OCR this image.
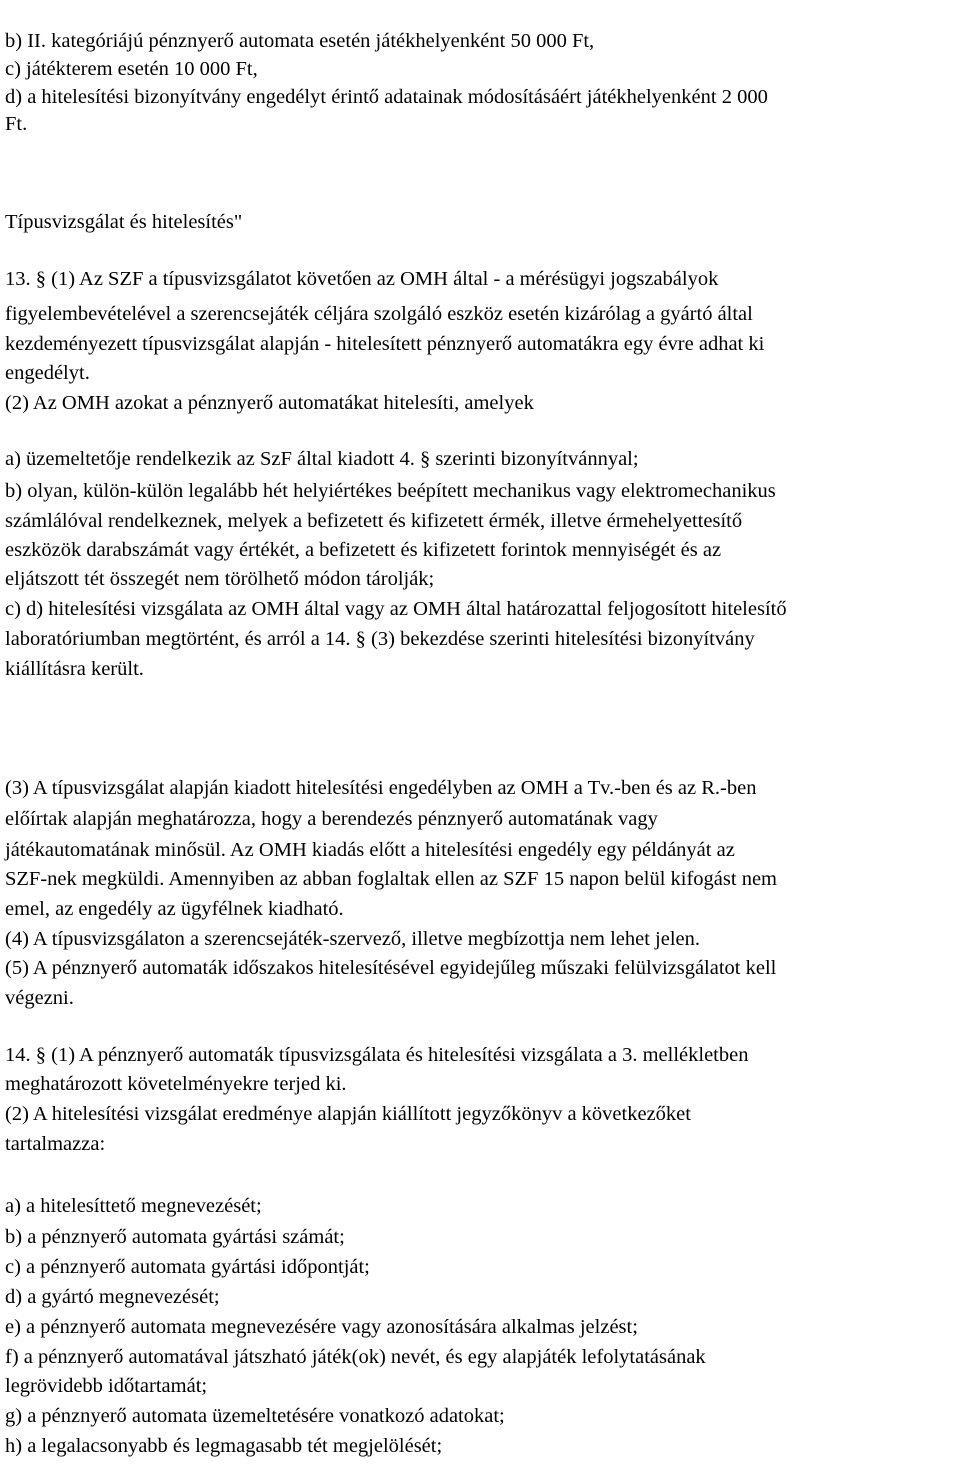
b) II. kategóriájú pénznyerő automata esetén játékhelyenként 50 000 Ft,
c) játékterem esetén 10 000 Ft,
d) a hitelesítési bizonyítvány engedélyt érintő adatainak módosításáért játékhelyenként 2 000
Ft.
Típusvizsgálat és hitelesítés"
13. § (1) Az SZF a típusvizsgálatot követően az OMH által - a mérésügyi jogszabályok
figyelembevételével a szerencsejáték céljára szolgáló eszköz esetén kizárólag a gyártó által
kezdeményezett típusvizsgálat alapján - hitelesített pénznyerő automatákra egy évre adhat ki
engedélyt.
(2) Az OMH azokat a pénznyerő automatákat hitelesíti, amelyek
a) üzemeltetője rendelkezik az SzF által kiadott 4. § szerinti bizonyítvánnyal;
b) olyan, külön-külön legalább hét helyiértékes beépített mechanikus vagy elektromechanikus
számlálóval rendelkeznek, melyek a befizetett és kifizetett érmék, illetve érmehelyettesítő
eszközök darabszámát vagy értékét, a befizetett és kifizetett forintok mennyiségét és az
eljátszott tét összegét nem törölhető módon tárolják;
c) d) hitelesítési vizsgálata az OMH által vagy az OMH által határozattal feljogosított hitelesítő
laboratóriumban megtörtént, és arról a 14. § (3) bekezdése szerinti hitelesítési bizonyítvány
kiállításra került.
(3) A típusvizsgálat alapján kiadott hitelesítési engedélyben az OMH a Tv.-ben és az R.-ben
előírtak alapján meghatározza, hogy a berendezés pénznyerő automatának vagy
játékautomatának minősül. Az OMH kiadás előtt a hitelesítési engedély egy példányát az
SZF-nek megküldi. Amennyiben az abban foglaltak ellen az SZF 15 napon belül kifogást nem
emel, az engedély az ügyfélnek kiadható.
(4) A típusvizsgálaton a szerencsejáték-szervező, illetve megbízottja nem lehet jelen.
(5) A pénznyerő automaták időszakos hitelesítésével egyidejűleg műszaki felülvizsgálatot kell
végezni.
14. § (1) A pénznyerő automaták típusvizsgálata és hitelesítési vizsgálata a 3. mellékletben
meghatározott követelményekre terjed ki.
(2) A hitelesítési vizsgálat eredménye alapján kiállított jegyzőkönyv a következőket
tartalmazza:
a) a hitelesíttető megnevezését;
b) a pénznyerő automata gyártási számát;
c) a pénznyerő automata gyártási időpontját;
d) a gyártó megnevezését;
e) a pénznyerő automata megnevezésére vagy azonosítására alkalmas jelzést;
f) a pénznyerő automatával játszható játék(ok) nevét, és egy alapjáték lefolytatásának
legrövidebb időtartamát;
g) a pénznyerő automata üzemeltetésére vonatkozó adatokat;
h) a legalacsonyabb és legmagasabb tét megjelölését;
